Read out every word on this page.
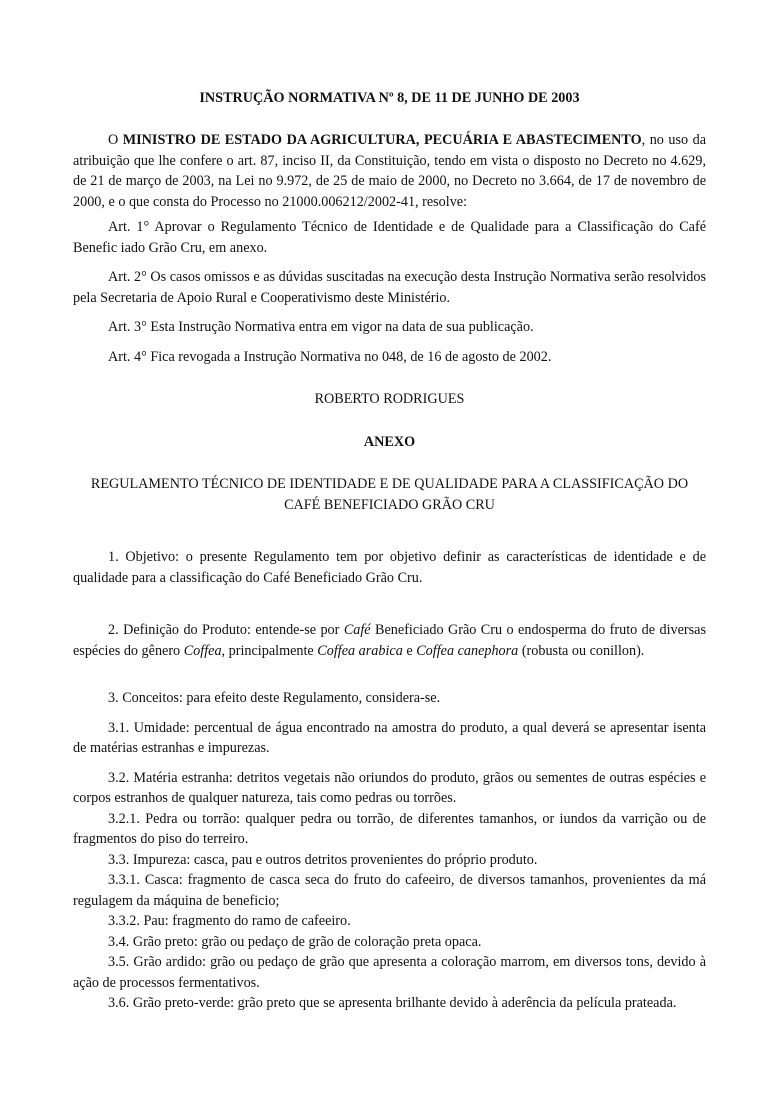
INSTRUÇÃO NORMATIVA Nº 8, DE 11 DE JUNHO DE 2003

O MINISTRO DE ESTADO DA AGRICULTURA, PECUÁRIA E ABASTECIMENTO, no uso da atribuição que lhe confere o art. 87, inciso II, da Constituição, tendo em vista o disposto no Decreto no 4.629, de 21 de março de 2003, na Lei no 9.972, de 25 de maio de 2000, no Decreto no 3.664, de 17 de novembro de 2000, e o que consta do Processo no 21000.006212/2002-41, resolve:

Art. 1° Aprovar o Regulamento Técnico de Identidade e de Qualidade para a Classificação do Café Benefic iado Grão Cru, em anexo.

Art. 2° Os casos omissos e as dúvidas suscitadas na execução desta Instrução Normativa serão resolvidos pela Secretaria de Apoio Rural e Cooperativismo deste Ministério.

Art. 3° Esta Instrução Normativa entra em vigor na data de sua publicação.

Art. 4° Fica revogada a Instrução Normativa no 048, de 16 de agosto de 2002.

ROBERTO RODRIGUES

ANEXO

REGULAMENTO TÉCNICO DE IDENTIDADE E DE QUALIDADE PARA A CLASSIFICAÇÃO DO

CAFÉ BENEFICIADO GRÃO CRU

1. Objetivo: o presente Regulamento tem por objetivo definir as características de identidade e de qualidade para a classificação do Café Beneficiado Grão Cru.

2. Definição do Produto: entende-se por Café Beneficiado Grão Cru o endosperma do fruto de diversas espécies do gênero Coffea, principalmente Coffea arabica e Coffea canephora (robusta ou conillon).

3. Conceitos: para efeito deste Regulamento, considera-se.

3.1. Umidade: percentual de água encontrado na amostra do produto, a qual deverá se apresentar isenta de matérias estranhas e impurezas.

3.2. Matéria estranha: detritos vegetais não oriundos do produto, grãos ou sementes de outras espécies e corpos estranhos de qualquer natureza, tais como pedras ou torrões.

3.2.1. Pedra ou torrão: qualquer pedra ou torrão, de diferentes tamanhos, or iundos da varrição ou de fragmentos do piso do terreiro.

3.3. Impureza: casca, pau e outros detritos provenientes do próprio produto.

3.3.1. Casca: fragmento de casca seca do fruto do cafeeiro, de diversos tamanhos, provenientes da má regulagem da máquina de beneficio;

3.3.2. Pau: fragmento do ramo de cafeeiro.

3.4. Grão preto: grão ou pedaço de grão de coloração preta opaca.

3.5. Grão ardido: grão ou pedaço de grão que apresenta a coloração marrom, em diversos tons, devido à ação de processos fermentativos.

3.6. Grão preto-verde: grão preto que se apresenta brilhante devido à aderência da película prateada.
